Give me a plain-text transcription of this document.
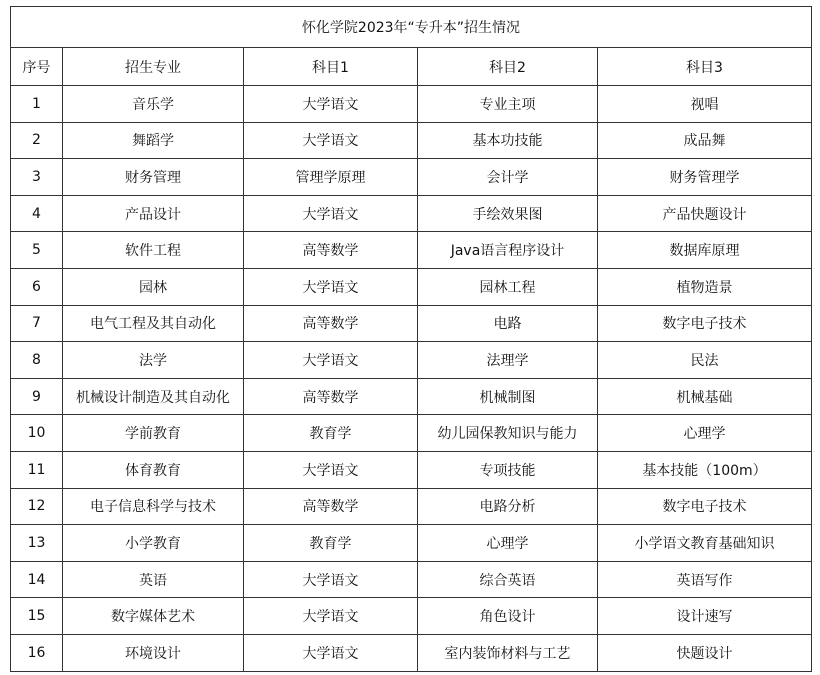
怀化学院2023年“专升本”招生情况				
序号	招生专业	科目1	科目2	科目3
1	音乐学	大学语文	专业主项	视唱
2	舞蹈学	大学语文	基本功技能	成品舞
3	财务管理	管理学原理	会计学	财务管理学
4	产品设计	大学语文	手绘效果图	产品快题设计
5	软件工程	高等数学	Java语言程序设计	数据库原理
6	园林	大学语文	园林工程	植物造景
7	电气工程及其自动化	高等数学	电路	数字电子技术
8	法学	大学语文	法理学	民法
9	机械设计制造及其自动化	高等数学	机械制图	机械基础
10	学前教育	教育学	幼儿园保教知识与能力	心理学
11	体育教育	大学语文	专项技能	基本技能（100m）
12	电子信息科学与技术	高等数学	电路分析	数字电子技术
13	小学教育	教育学	心理学	小学语文教育基础知识
14	英语	大学语文	综合英语	英语写作
15	数字媒体艺术	大学语文	角色设计	设计速写
16	环境设计	大学语文	室内装饰材料与工艺	快题设计
